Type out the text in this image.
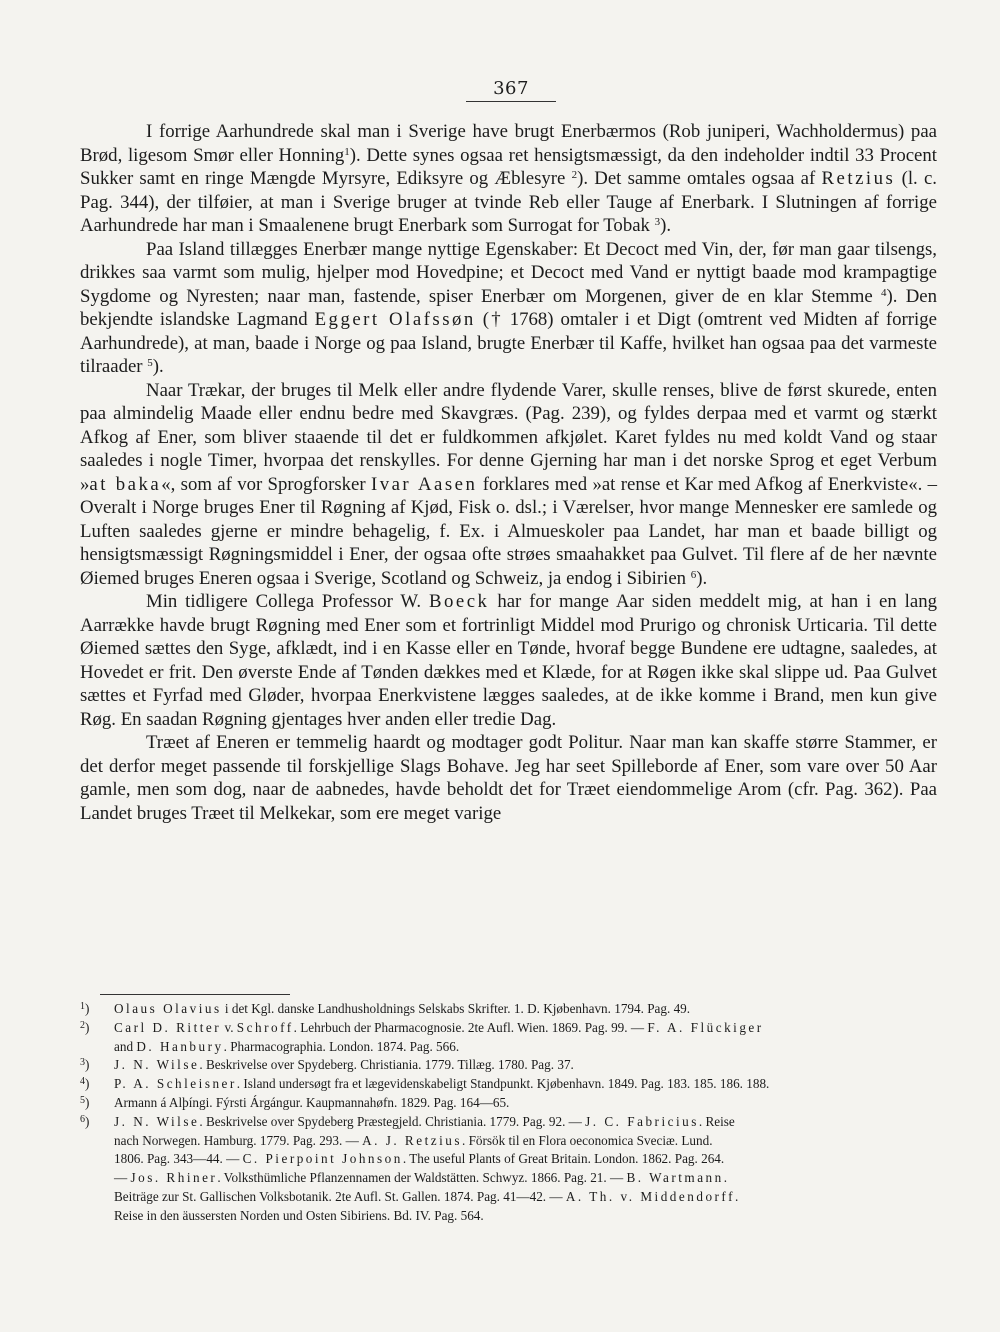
367

I forrige Aarhundrede skal man i Sverige have brugt Enerbærmos (Rob juniperi, Wachholdermus) paa Brød, ligesom Smør eller Honning$^1$). Dette synes ogsaa ret hensigtsmæssigt, da den indeholder indtil 33 Procent Sukker samt en ringe Mængde Myrsyre, Ediksyre og Æblesyre $^2$). Det samme omtales ogsaa af Retzius (l. c. Pag. 344), der tilføier, at man i Sverige bruger at tvinde Reb eller Tauge af Enerbark. I Slutningen af forrige Aarhundrede har man i Smaalenene brugt Enerbark som Surrogat for Tobak $^3$).

Paa Island tillægges Enerbær mange nyttige Egenskaber: Et Decoct med Vin, der, før man gaar tilsengs, drikkes saa varmt som mulig, hjelper mod Hovedpine; et Decoct med Vand er nyttigt baade mod krampagtige Sygdome og Nyresten; naar man, fastende, spiser Enerbær om Morgenen, giver de en klar Stemme $^4$). Den bekjendte islandske Lagmand Eggert Olafssøn († 1768) omtaler i et Digt (omtrent ved Midten af forrige Aarhundrede), at man, baade i Norge og paa Island, brugte Enerbær til Kaffe, hvilket han ogsaa paa det varmeste tilraader $^5$).

Naar Trækar, der bruges til Melk eller andre flydende Varer, skulle renses, blive de først skurede, enten paa almindelig Maade eller endnu bedre med Skavgræs. (Pag. 239), og fyldes derpaa med et varmt og stærkt Afkog af Ener, som bliver staaende til det er fuldkommen afkjølet. Karet fyldes nu med koldt Vand og staar saaledes i nogle Timer, hvorpaa det renskylles. For denne Gjerning har man i det norske Sprog et eget Verbum »at baka«, som af vor Sprogforsker Ivar Aasen forklares med »at rense et Kar med Afkog af Enerkviste«. – Overalt i Norge bruges Ener til Røgning af Kjød, Fisk o. dsl.; i Værelser, hvor mange Mennesker ere samlede og Luften saaledes gjerne er mindre behagelig, f. Ex. i Almueskoler paa Landet, har man et baade billigt og hensigtsmæssigt Røgningsmiddel i Ener, der ogsaa ofte strøes smaahakket paa Gulvet. Til flere af de her nævnte Øiemed bruges Eneren ogsaa i Sverige, Scotland og Schweiz, ja endog i Sibirien $^6$).

Min tidligere Collega Professor W. Boeck har for mange Aar siden meddelt mig, at han i en lang Aarrække havde brugt Røgning med Ener som et fortrinligt Middel mod Prurigo og chronisk Urticaria. Til dette Øiemed sættes den Syge, afklædt, ind i en Kasse eller en Tønde, hvoraf begge Bundene ere udtagne, saaledes, at Hovedet er frit. Den øverste Ende af Tønden dækkes med et Klæde, for at Røgen ikke skal slippe ud. Paa Gulvet sættes et Fyrfad med Gløder, hvorpaa Enerkvistene lægges saaledes, at de ikke komme i Brand, men kun give Røg. En saadan Røgning gjentages hver anden eller tredie Dag.

Træet af Eneren er temmelig haardt og modtager godt Politur. Naar man kan skaffe større Stammer, er det derfor meget passende til forskjellige Slags Bohave. Jeg har seet Spilleborde af Ener, som vare over 50 Aar gamle, men som dog, naar de aabnedes, havde beholdt det for Træet eiendommelige Arom (cfr. Pag. 362). Paa Landet bruges Træet til Melkekar, som ere meget varige

$^1$)	Olaus Olavius i det Kgl. danske Landhusholdnings Selskabs Skrifter. 1. D. Kjøbenhavn. 1794. Pag. 49.
$^2$)	Carl D. Ritter v. Schroff. Lehrbuch der Pharmacognosie. 2te Aufl. Wien. 1869. Pag. 99. — F. A. Flückiger
and D. Hanbury. Pharmacographia. London. 1874. Pag. 566.
$^3$)	J. N. Wilse. Beskrivelse over Spydeberg. Christiania. 1779. Tillæg. 1780. Pag. 37.
$^4$)	P. A. Schleisner. Island undersøgt fra et lægevidenskabeligt Standpunkt. Kjøbenhavn. 1849. Pag. 183. 185. 186. 188.
$^5$)	Armann á Alþíngi. Fýrsti Árgángur. Kaupmannahøfn. 1829. Pag. 164—65.
$^6$)	J. N. Wilse. Beskrivelse over Spydeberg Præstegjeld. Christiania. 1779. Pag. 92. — J. C. Fabricius. Reise
nach Norwegen. Hamburg. 1779. Pag. 293. — A. J. Retzius. Försök til en Flora oeconomica Sveciæ. Lund.
1806. Pag. 343—44. — C. Pierpoint Johnson. The useful Plants of Great Britain. London. 1862. Pag. 264.
— Jos. Rhiner. Volksthümliche Pflanzennamen der Waldstätten. Schwyz. 1866. Pag. 21. — B. Wartmann.
Beiträge zur St. Gallischen Volksbotanik. 2te Aufl. St. Gallen. 1874. Pag. 41—42. — A. Th. v. Middendorff.
Reise in den äussersten Norden und Osten Sibiriens. Bd. IV. Pag. 564.
